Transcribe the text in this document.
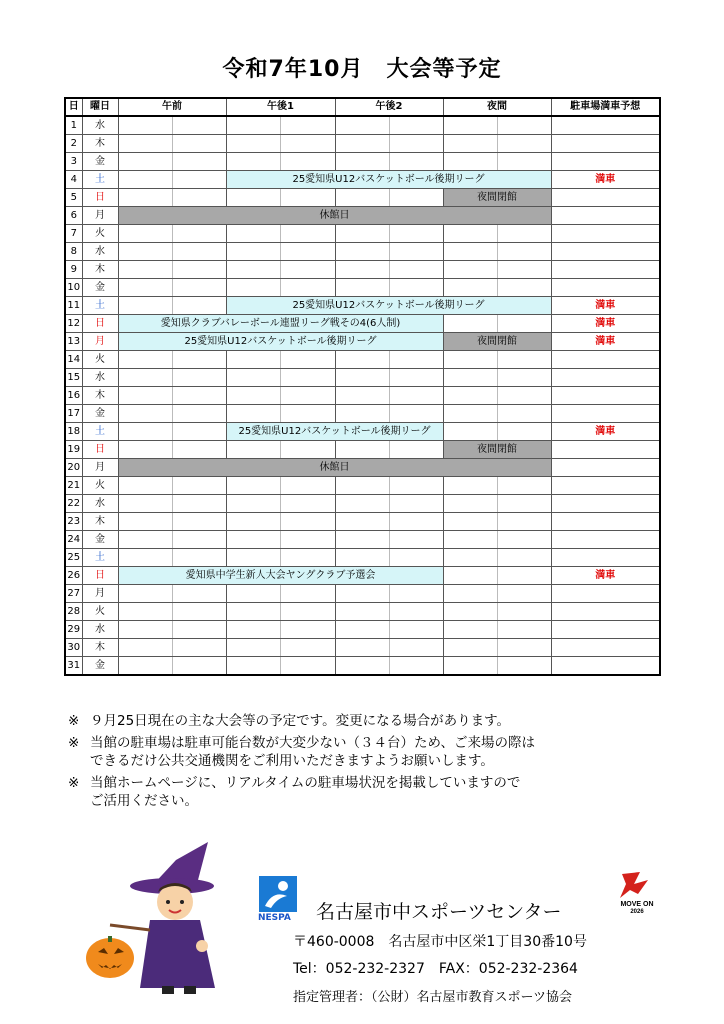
令和7年10月　大会等予定
日	曜日	午前		午後1		午後2		夜間		駐車場満車予想
1	水									
2	木									
3	金									
4	土			25愛知県U12バスケットボール後期リーグ						満車
5	日							夜間閉館		
6	月	休館日								
7	火									
8	水									
9	木									
10	金									
11	土			25愛知県U12バスケットボール後期リーグ						満車
12	日	愛知県クラブバレーボール連盟リーグ戦その4(6人制)								満車
13	月	25愛知県U12バスケットボール後期リーグ						夜間閉館		満車
14	火									
15	水									
16	木									
17	金									
18	土			25愛知県U12バスケットボール後期リーグ						満車
19	日							夜間閉館		
20	月	休館日								
21	火									
22	水									
23	木									
24	金									
25	土									
26	日	愛知県中学生新人大会ヤングクラブ予選会								満車
27	月									
28	火									
29	水									
30	木									
31	金									
※ ９月25日現在の主な大会等の予定です。変更になる場合があります。
※ 当館の駐車場は駐車可能台数が大変少ない（３４台）ため、ご来場の際は
できるだけ公共交通機関をご利用いただきますようお願いします。
※ 当館ホームページに、リアルタイムの駐車場状況を掲載していますので
ご活用ください。
NESPA
MOVE ON
2026
名古屋市中スポーツセンター
〒460-0008　名古屋市中区栄1丁目30番10号
Tel：052-232-2327　FAX：052-232-2364
指定管理者：（公財）名古屋市教育スポーツ協会
